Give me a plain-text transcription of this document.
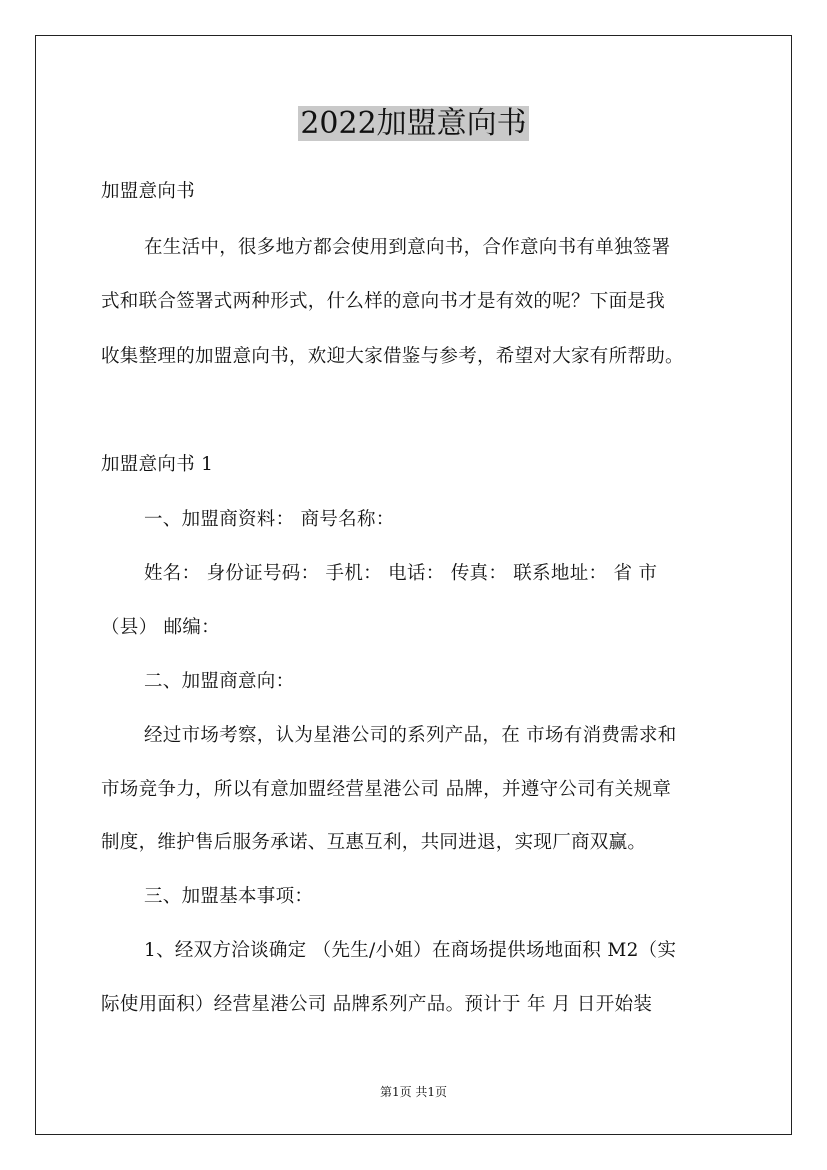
2022加盟意向书
加盟意向书
在生活中，很多地方都会使用到意向书，合作意向书有单独签署
式和联合签署式两种形式，什么样的意向书才是有效的呢？下面是我
收集整理的加盟意向书，欢迎大家借鉴与参考，希望对大家有所帮助。
加盟意向书 1
一、加盟商资料： 商号名称：
姓名： 身份证号码： 手机： 电话： 传真： 联系地址： 省 市
（县） 邮编：
二、加盟商意向：
经过市场考察，认为星港公司的系列产品，在 市场有消费需求和
市场竞争力，所以有意加盟经营星港公司 品牌，并遵守公司有关规章
制度，维护售后服务承诺、互惠互利，共同进退，实现厂商双赢。
三、加盟基本事项：
1、经双方洽谈确定 （先生/小姐）在商场提供场地面积 M2（实
际使用面积）经营星港公司 品牌系列产品。预计于 年 月 日开始装
第1页 共1页
